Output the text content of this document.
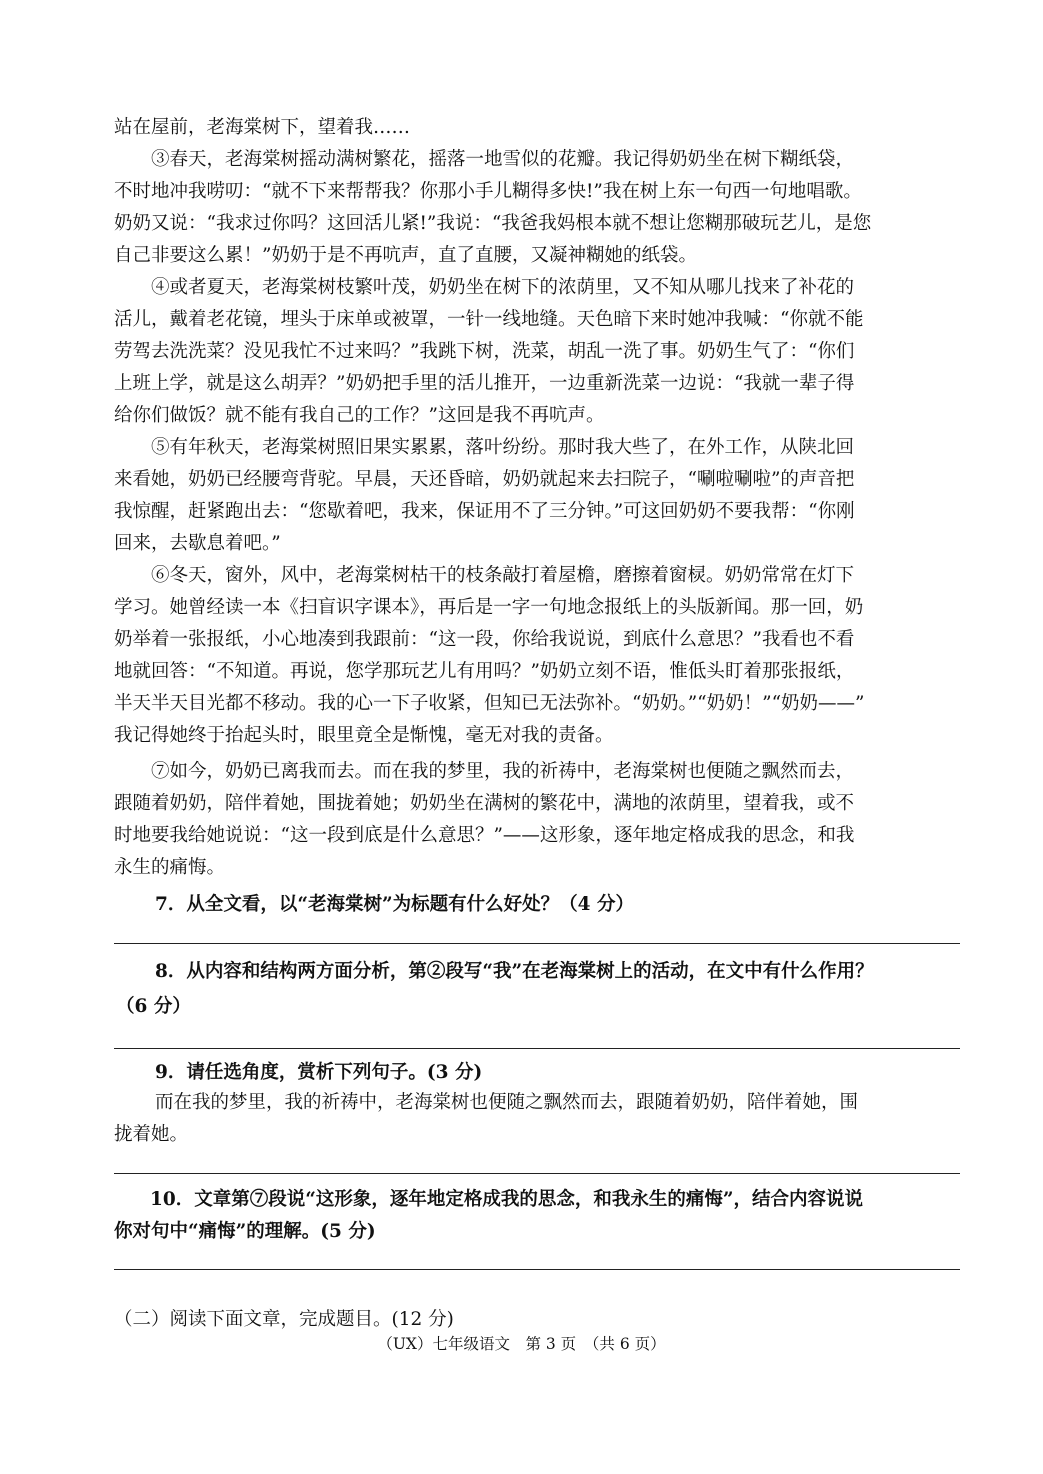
站在屋前，老海棠树下，望着我……
③春天，老海棠树摇动满树繁花，摇落一地雪似的花瓣。我记得奶奶坐在树下糊纸袋，
不时地冲我唠叨：“就不下来帮帮我？你那小手儿糊得多快!”我在树上东一句西一句地唱歌。
奶奶又说：“我求过你吗？这回活儿紧!”我说：“我爸我妈根本就不想让您糊那破玩艺儿，是您
自己非要这么累！”奶奶于是不再吭声，直了直腰，又凝神糊她的纸袋。
④或者夏天，老海棠树枝繁叶茂，奶奶坐在树下的浓荫里，又不知从哪儿找来了补花的
活儿，戴着老花镜，埋头于床单或被罩，一针一线地缝。天色暗下来时她冲我喊：“你就不能
劳驾去洗洗菜？没见我忙不过来吗？”我跳下树，洗菜，胡乱一洗了事。奶奶生气了：“你们
上班上学，就是这么胡弄？”奶奶把手里的活儿推开，一边重新洗菜一边说：“我就一辈子得
给你们做饭？就不能有我自己的工作？”这回是我不再吭声。
⑤有年秋天，老海棠树照旧果实累累，落叶纷纷。那时我大些了，在外工作，从陕北回
来看她，奶奶已经腰弯背驼。早晨，天还昏暗，奶奶就起来去扫院子，“唰啦唰啦”的声音把
我惊醒，赶紧跑出去：“您歇着吧，我来，保证用不了三分钟。”可这回奶奶不要我帮：“你刚
回来，去歇息着吧。”
⑥冬天，窗外，风中，老海棠树枯干的枝条敲打着屋檐，磨擦着窗棂。奶奶常常在灯下
学习。她曾经读一本《扫盲识字课本》，再后是一字一句地念报纸上的头版新闻。那一回，奶
奶举着一张报纸，小心地凑到我跟前：“这一段，你给我说说，到底什么意思？”我看也不看
地就回答：“不知道。再说，您学那玩艺儿有用吗？”奶奶立刻不语，惟低头盯着那张报纸，
半天半天目光都不移动。我的心一下子收紧，但知已无法弥补。“奶奶。”“奶奶！”“奶奶——”
我记得她终于抬起头时，眼里竟全是惭愧，毫无对我的责备。
⑦如今，奶奶已离我而去。而在我的梦里，我的祈祷中，老海棠树也便随之飘然而去，
跟随着奶奶，陪伴着她，围拢着她；奶奶坐在满树的繁花中，满地的浓荫里，望着我，或不
时地要我给她说说：“这一段到底是什么意思？”——这形象，逐年地定格成我的思念，和我
永生的痛悔。
7．从全文看，以“老海棠树”为标题有什么好处？（4 分）
8．从内容和结构两方面分析，第②段写“我”在老海棠树上的活动，在文中有什么作用？
（6 分）
9．请任选角度，赏析下列句子。(3 分)
而在我的梦里，我的祈祷中，老海棠树也便随之飘然而去，跟随着奶奶，陪伴着她，围
拢着她。
10．文章第⑦段说“这形象，逐年地定格成我的思念，和我永生的痛悔”，结合内容说说
你对句中“痛悔”的理解。(5 分)
（二）阅读下面文章，完成题目。(12 分)
（UX）七年级语文　第 3 页　（共 6 页）
